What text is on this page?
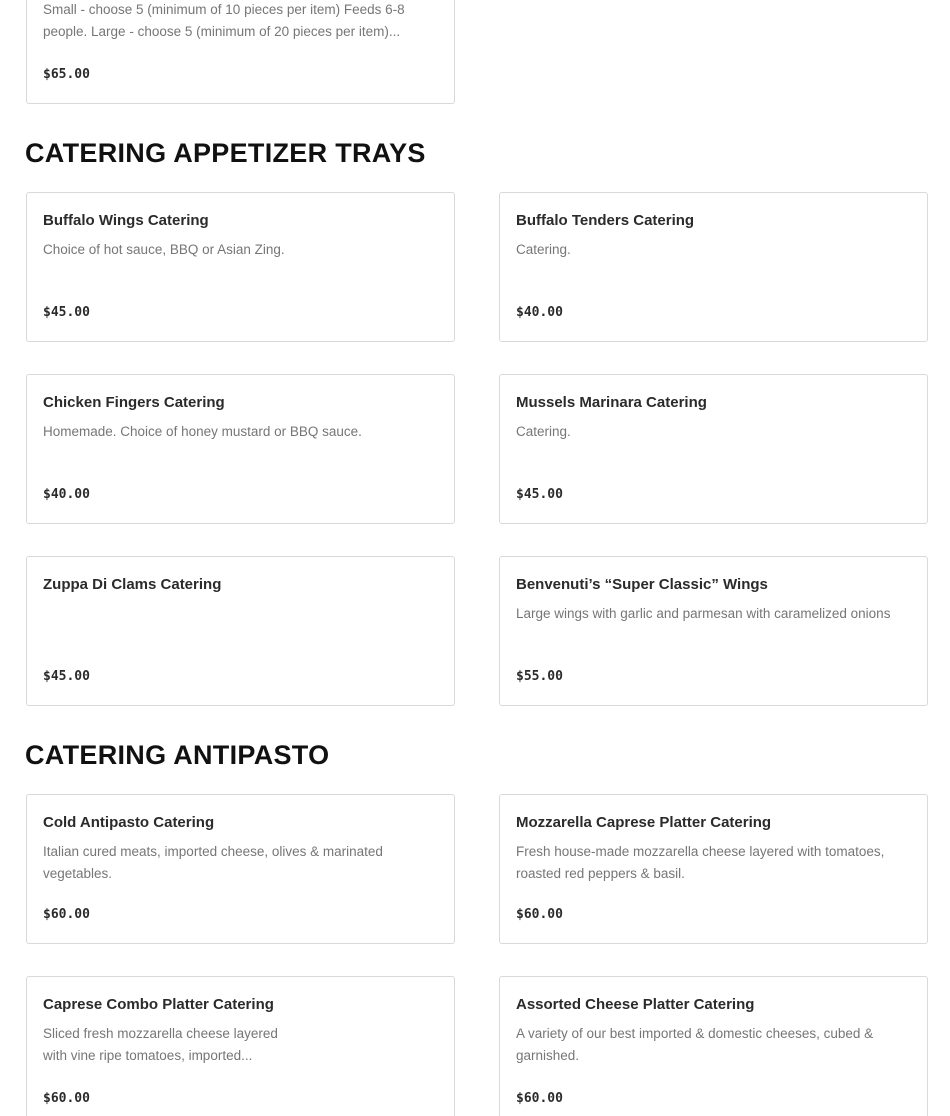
Small - choose 5 (minimum of 10 pieces per item) Feeds 6-8 people. Large - choose 5 (minimum of 20 pieces per item)...
$65.00
CATERING APPETIZER TRAYS
Buffalo Wings Catering
Choice of hot sauce, BBQ or Asian Zing.
$45.00
Buffalo Tenders Catering
Catering.
$40.00
Chicken Fingers Catering
Homemade. Choice of honey mustard or BBQ sauce.
$40.00
Mussels Marinara Catering
Catering.
$45.00
Zuppa Di Clams Catering
$45.00
Benvenuti’s “Super Classic” Wings
Large wings with garlic and parmesan with caramelized onions
$55.00
CATERING ANTIPASTO
Cold Antipasto Catering
Italian cured meats, imported cheese, olives & marinated vegetables.
$60.00
Mozzarella Caprese Platter Catering
Fresh house-made mozzarella cheese layered with tomatoes, roasted red peppers & basil.
$60.00
Caprese Combo Platter Catering
Sliced fresh mozzarella cheese layered with vine ripe tomatoes, imported...
$60.00
Assorted Cheese Platter Catering
A variety of our best imported & domestic cheeses, cubed & garnished.
$60.00
